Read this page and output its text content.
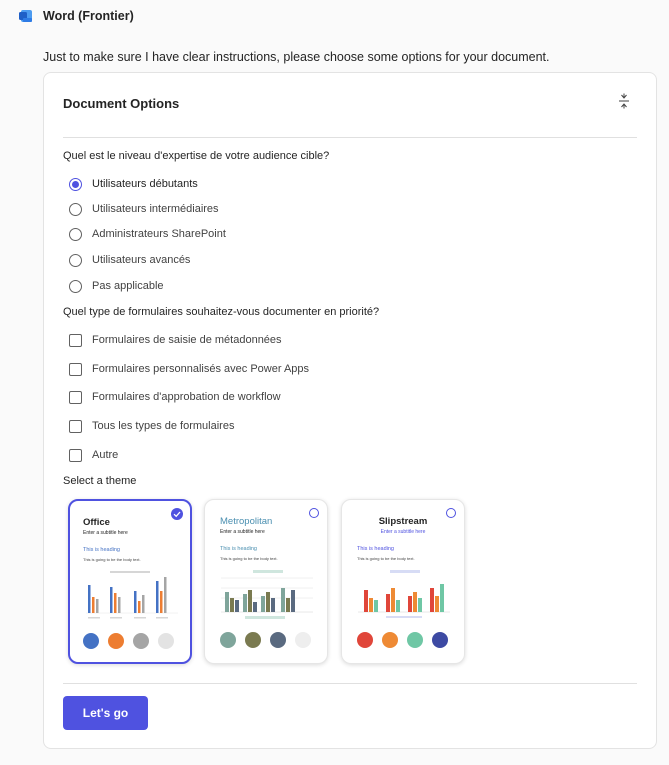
Word (Frontier)
Just to make sure I have clear instructions, please choose some options for your document.
Document Options
Quel est le niveau d'expertise de votre audience cible?
Utilisateurs débutants
Utilisateurs intermédiaires
Administrateurs SharePoint
Utilisateurs avancés
Pas applicable
Quel type de formulaires souhaitez-vous documenter en priorité?
Formulaires de saisie de métadonnées
Formulaires personnalisés avec Power Apps
Formulaires d'approbation de workflow
Tous les types de formulaires
Autre
Select a theme
Office
Enter a subtitle here
This is heading
This is going to be the body text.
Metropolitan
Enter a subtitle here
This is heading
This is going to be the body text.
Slipstream
Enter a subtitle here
This is heading
This is going to be the body text.
Let's go
